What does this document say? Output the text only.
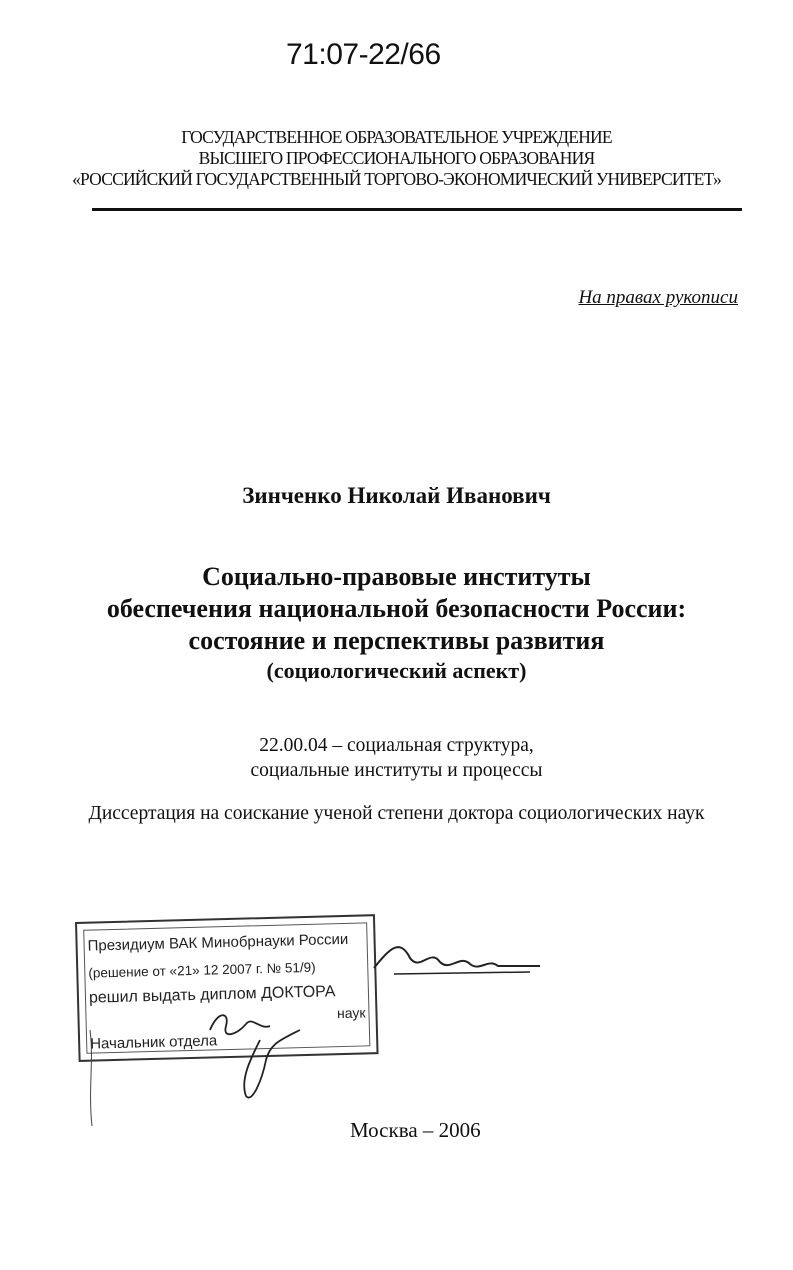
71:07-22/66
ГОСУДАРСТВЕННОЕ ОБРАЗОВАТЕЛЬНОЕ УЧРЕЖДЕНИЕ
ВЫСШЕГО ПРОФЕССИОНАЛЬНОГО ОБРАЗОВАНИЯ
«РОССИЙСКИЙ ГОСУДАРСТВЕННЫЙ ТОРГОВО-ЭКОНОМИЧЕСКИЙ УНИВЕРСИТЕТ»
На правах рукописи
Зинченко Николай Иванович
Социально-правовые институты
обеспечения национальной безопасности России:
состояние и перспективы развития
(социологический аспект)
22.00.04 – социальная структура,
социальные институты и процессы
Диссертация на соискание ученой степени доктора социологических наук
Президиум ВАК Минобрнауки России
(решение от «21» 12 2007 г. № 51/9)
решил выдать диплом ДОКТОРА
наук
Начальник отдела
Москва – 2006
